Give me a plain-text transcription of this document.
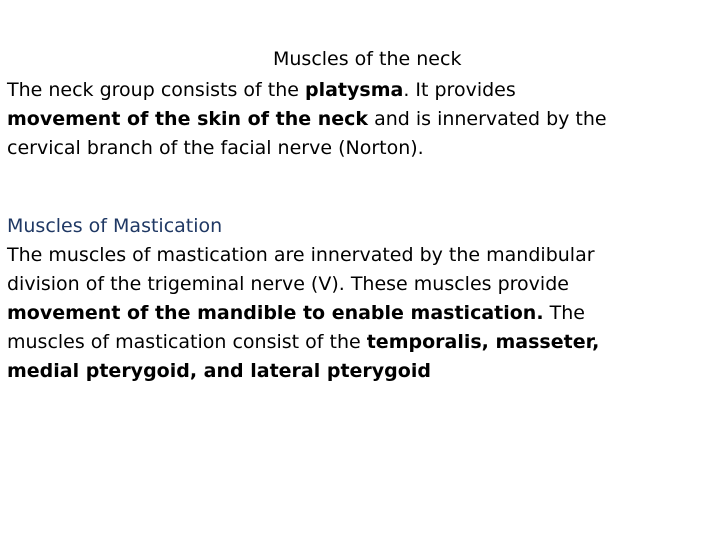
Muscles of the neck
The neck group consists of the platysma. It provides
movement of the skin of the neck and is innervated by the
cervical branch of the facial nerve (Norton).
Muscles of Mastication
The muscles of mastication are innervated by the mandibular
division of the trigeminal nerve (V). These muscles provide
movement of the mandible to enable mastication. The
muscles of mastication consist of the temporalis, masseter,
medial pterygoid, and lateral pterygoid
